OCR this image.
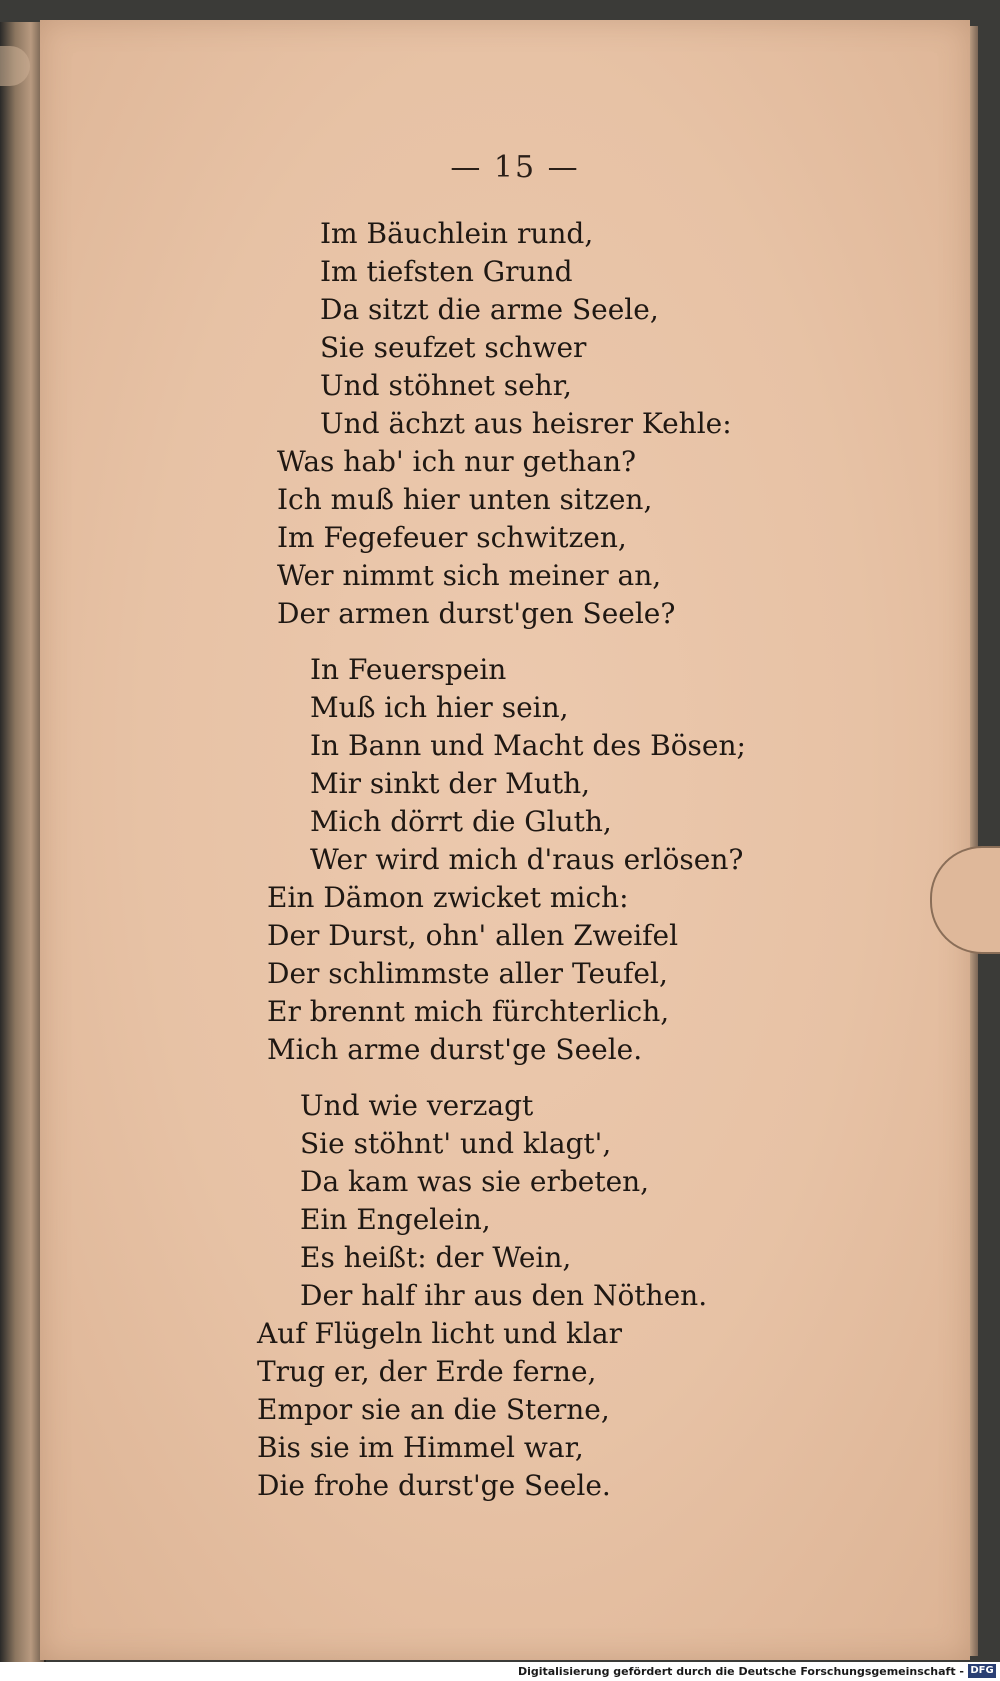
— 15 —
Im Bäuchlein rund,
Im tiefsten Grund
Da sitzt die arme Seele,
Sie seufzet schwer
Und stöhnet sehr,
Und ächzt aus heisrer Kehle:
Was hab' ich nur gethan?
Ich muß hier unten sitzen,
Im Fegefeuer schwitzen,
Wer nimmt sich meiner an,
Der armen durst'gen Seele?
In Feuerspein
Muß ich hier sein,
In Bann und Macht des Bösen;
Mir sinkt der Muth,
Mich dörrt die Gluth,
Wer wird mich d'raus erlösen?
Ein Dämon zwicket mich:
Der Durst, ohn' allen Zweifel
Der schlimmste aller Teufel,
Er brennt mich fürchterlich,
Mich arme durst'ge Seele.
Und wie verzagt
Sie stöhnt' und klagt',
Da kam was sie erbeten,
Ein Engelein,
Es heißt: der Wein,
Der half ihr aus den Nöthen.
Auf Flügeln licht und klar
Trug er, der Erde ferne,
Empor sie an die Sterne,
Bis sie im Himmel war,
Die frohe durst'ge Seele.
Digitalisierung gefördert durch die Deutsche Forschungsgemeinschaft - DFG
